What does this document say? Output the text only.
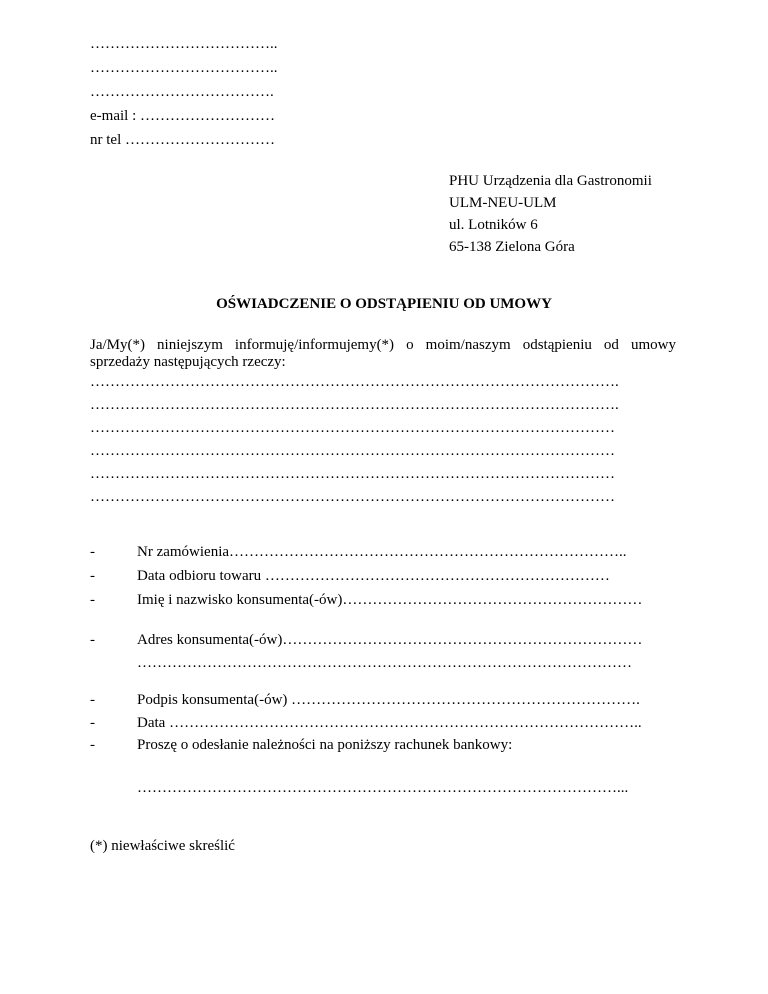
………………………………..
………………………………..
……………………………….
e-mail : ………………………
nr tel …………………………
PHU Urządzenia dla Gastronomii
ULM-NEU-ULM
ul. Lotników 6
65-138 Zielona Góra
OŚWIADCZENIE O ODSTĄPIENIU OD UMOWY
Ja/My(*) niniejszym informuję/informujemy(*) o moim/naszym odstąpieniu od umowy sprzedaży następujących rzeczy:
…………………………………………………………………………………………….
…………………………………………………………………………………………….
……………………………………………………………………………………………
……………………………………………………………………………………………
……………………………………………………………………………………………
……………………………………………………………………………………………
-	Nr zamówienia……………………………………………………………………..
-	Data odbioru towaru ……………………………………………………………
-	Imię i nazwisko konsumenta(-ów)……………………………………………………
-	Adres konsumenta(-ów)………………………………………………………………
………………………………………………………………………………………
-	Podpis konsumenta(-ów) …………………………………………………………….
-	Data …………………………………………………………………………………..
-	Proszę o odesłanie należności na poniższy rachunek bankowy:
……………………………………………………………………………………...
(*) niewłaściwe skreślić
